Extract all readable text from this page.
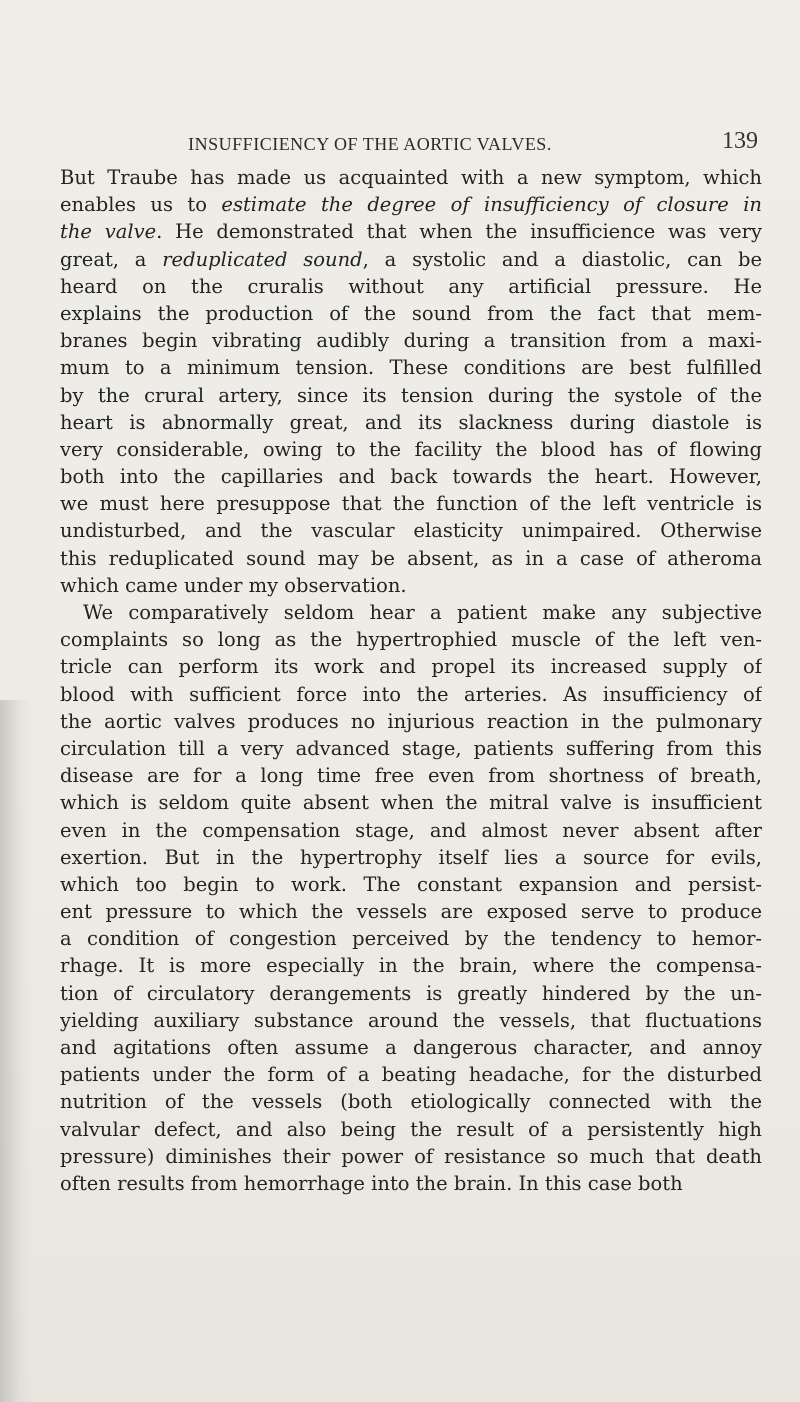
INSUFFICIENCY OF THE AORTIC VALVES.	139
But Traube has made us acquainted with a new symptom, which
enables us to estimate the degree of insufficiency of closure in
the valve. He demonstrated that when the insufficience was very
great, a reduplicated sound, a systolic and a diastolic, can be
heard on the cruralis without any artificial pressure. He
explains the production of the sound from the fact that mem-
branes begin vibrating audibly during a transition from a maxi-
mum to a minimum tension. These conditions are best fulfilled
by the crural artery, since its tension during the systole of the
heart is abnormally great, and its slackness during diastole is
very considerable, owing to the facility the blood has of flowing
both into the capillaries and back towards the heart. However,
we must here presuppose that the function of the left ventricle is
undisturbed, and the vascular elasticity unimpaired. Otherwise
this reduplicated sound may be absent, as in a case of atheroma
which came under my observation.
We comparatively seldom hear a patient make any subjective
complaints so long as the hypertrophied muscle of the left ven-
tricle can perform its work and propel its increased supply of
blood with sufficient force into the arteries. As insufficiency of
the aortic valves produces no injurious reaction in the pulmonary
circulation till a very advanced stage, patients suffering from this
disease are for a long time free even from shortness of breath,
which is seldom quite absent when the mitral valve is insufficient
even in the compensation stage, and almost never absent after
exertion. But in the hypertrophy itself lies a source for evils,
which too begin to work. The constant expansion and persist-
ent pressure to which the vessels are exposed serve to produce
a condition of congestion perceived by the tendency to hemor-
rhage. It is more especially in the brain, where the compensa-
tion of circulatory derangements is greatly hindered by the un-
yielding auxiliary substance around the vessels, that fluctuations
and agitations often assume a dangerous character, and annoy
patients under the form of a beating headache, for the disturbed
nutrition of the vessels (both etiologically connected with the
valvular defect, and also being the result of a persistently high
pressure) diminishes their power of resistance so much that death
often results from hemorrhage into the brain. In this case both
